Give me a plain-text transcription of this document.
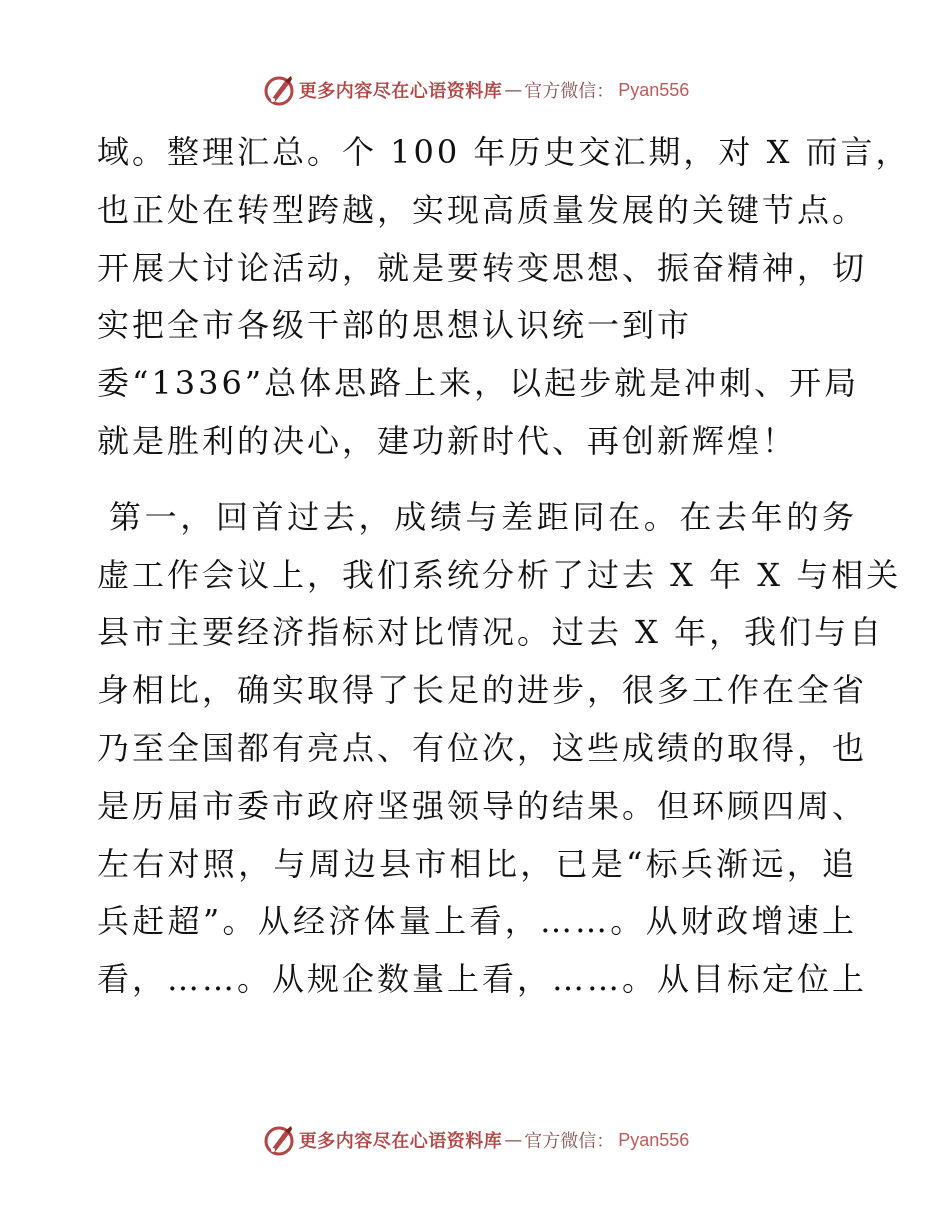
更多内容尽在心语资料库 — 官方微信： Pyan556

域。整理汇总。个 100 年历史交汇期，对 X 而言，
也正处在转型跨越，实现高质量发展的关键节点。
开展大讨论活动，就是要转变思想、振奋精神，切
实把全市各级干部的思想认识统一到市
委“1336”总体思路上来，以起步就是冲刺、开局
就是胜利的决心，建功新时代、再创新辉煌！

第一，回首过去，成绩与差距同在。在去年的务
虚工作会议上，我们系统分析了过去 X 年 X 与相关
县市主要经济指标对比情况。过去 X 年，我们与自
身相比，确实取得了长足的进步，很多工作在全省
乃至全国都有亮点、有位次，这些成绩的取得，也
是历届市委市政府坚强领导的结果。但环顾四周、
左右对照，与周边县市相比，已是“标兵渐远，追
兵赶超”。从经济体量上看，……。从财政增速上
看，……。从规企数量上看，……。从目标定位上

更多内容尽在心语资料库 — 官方微信： Pyan556
